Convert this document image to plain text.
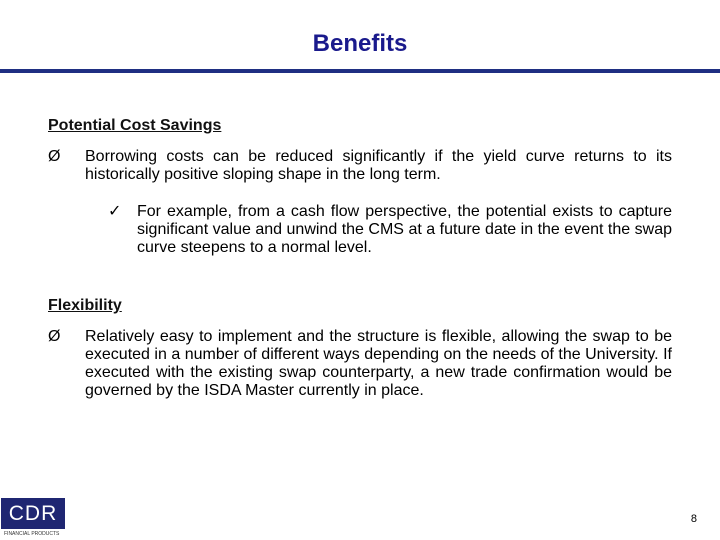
Benefits
Potential Cost Savings
Ø Borrowing costs can be reduced significantly if the yield curve returns to its historically positive sloping shape in the long term.
✓ For example, from a cash flow perspective, the potential exists to capture significant value and unwind the CMS at a future date in the event the swap curve steepens to a normal level.
Flexibility
Ø Relatively easy to implement and the structure is flexible, allowing the swap to be executed in a number of different ways depending on the needs of the University. If executed with the existing swap counterparty, a new trade confirmation would be governed by the ISDA Master currently in place.
CDR
FINANCIAL PRODUCTS
8
